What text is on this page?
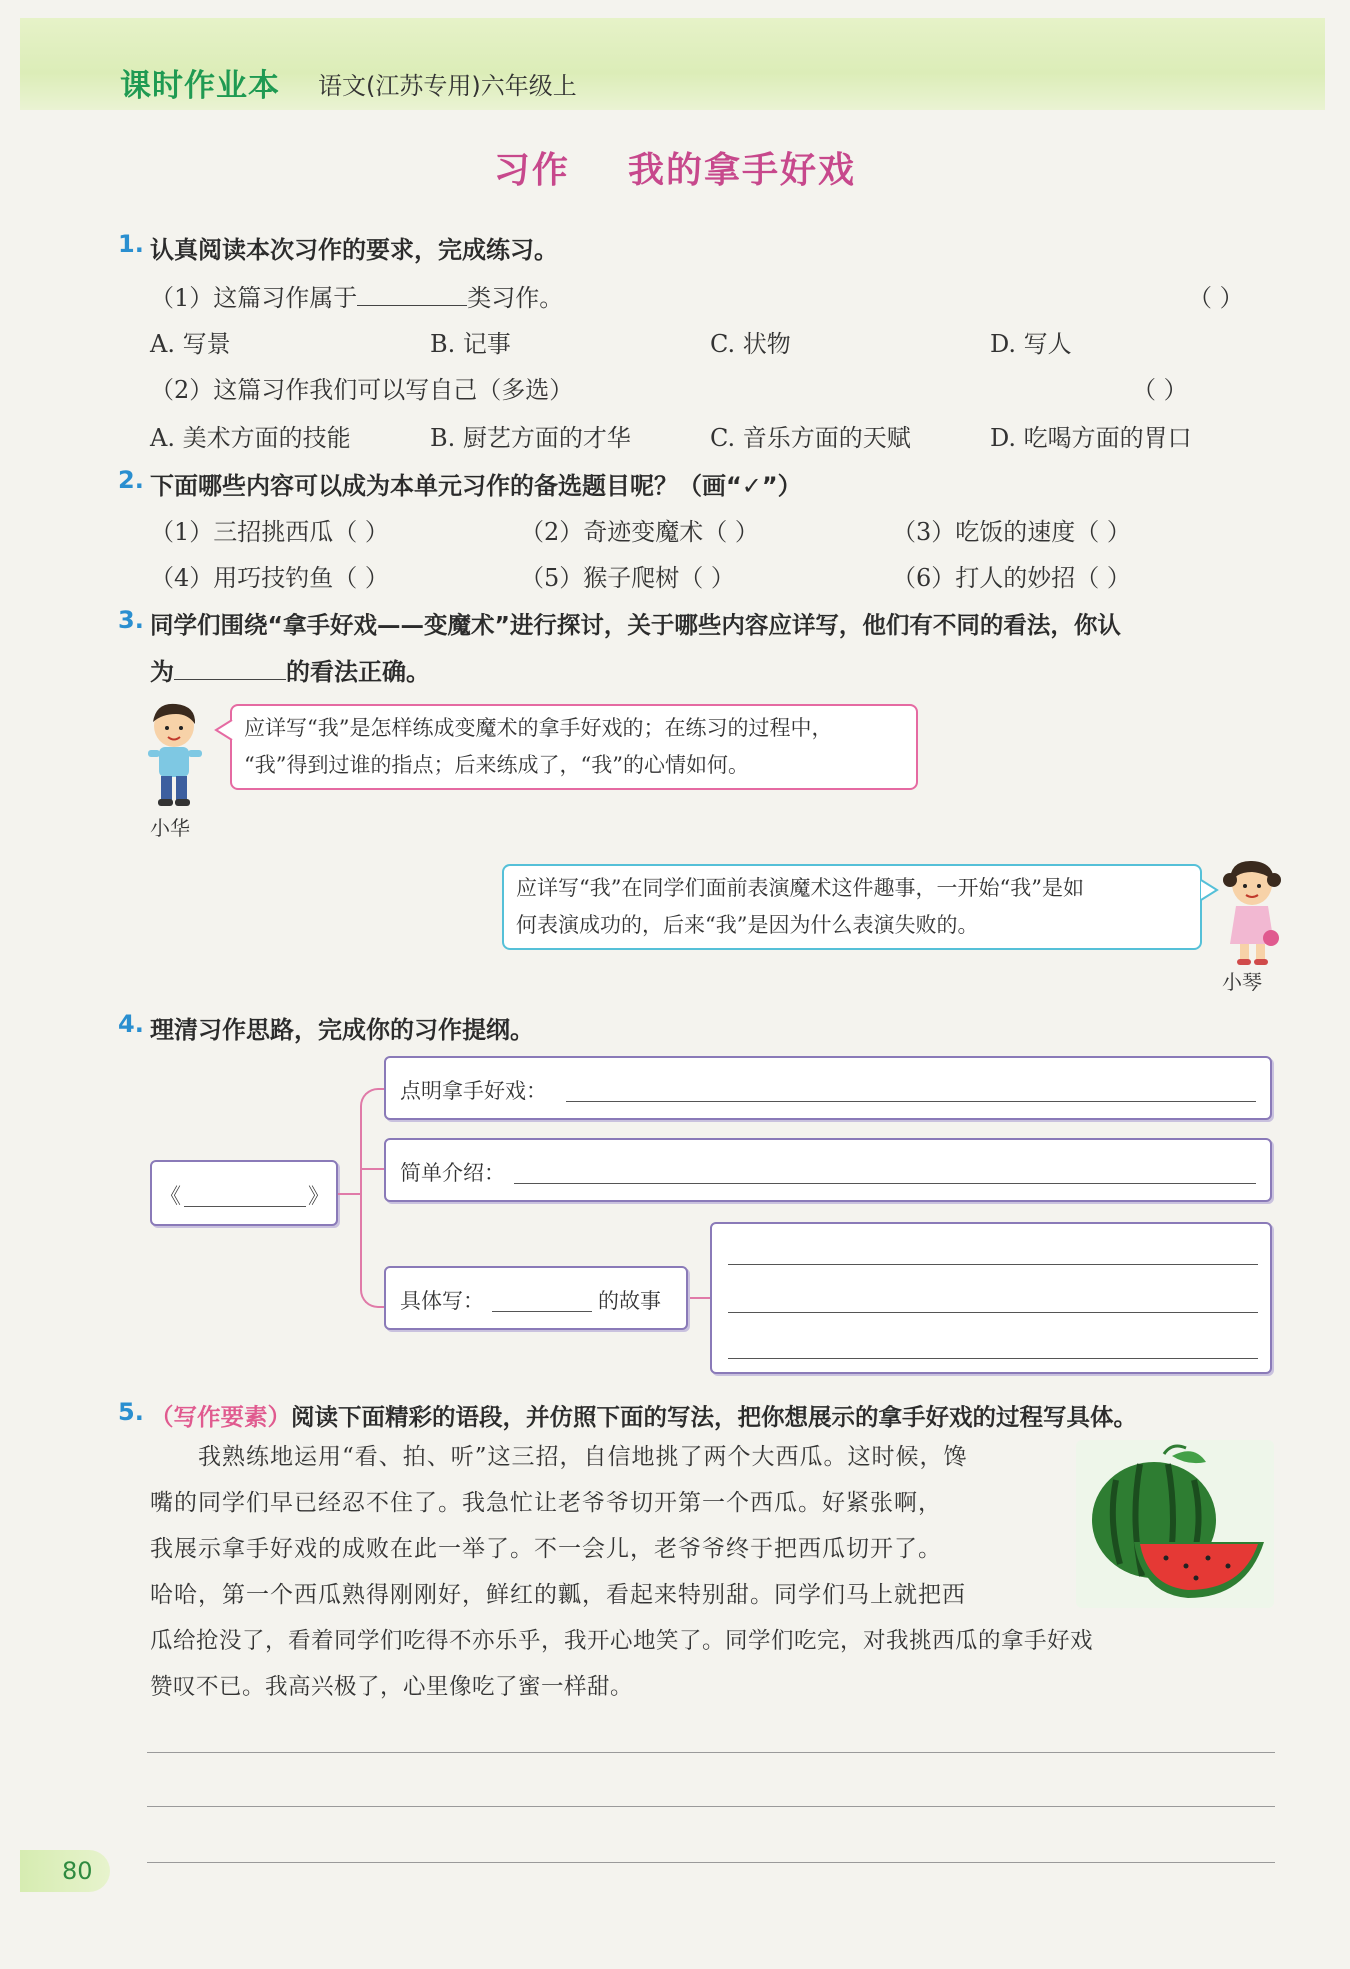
课时作业本 语文(江苏专用)六年级上
习作    我的拿手好戏
1. 认真阅读本次习作的要求，完成练习。
（1）这篇习作属于	类习作。	（ ）
A. 写景	B. 记事	C. 状物	D. 写人
（2）这篇习作我们可以写自己（多选）	（ ）
A. 美术方面的技能	B. 厨艺方面的才华	C. 音乐方面的天赋	D. 吃喝方面的胃口
2. 下面哪些内容可以成为本单元习作的备选题目呢？（画“✓”）
（1）三招挑西瓜（ ）	（2）奇迹变魔术（ ）	（3）吃饭的速度（ ）
（4）用巧技钓鱼（ ）	（5）猴子爬树（ ）	（6）打人的妙招（ ）
3. 同学们围绕“拿手好戏——变魔术”进行探讨，关于哪些内容应详写，他们有不同的看法，你认
为	的看法正确。
小华
应详写“我”是怎样练成变魔术的拿手好戏的；在练习的过程中，
“我”得到过谁的指点；后来练成了，“我”的心情如何。
应详写“我”在同学们面前表演魔术这件趣事，一开始“我”是如
何表演成功的，后来“我”是因为什么表演失败的。
小琴
4. 理清习作思路，完成你的习作提纲。
《	》
点明拿手好戏：
简单介绍：
具体写：	的故事
5. （写作要素）阅读下面精彩的语段，并仿照下面的写法，把你想展示的拿手好戏的过程写具体。
我熟练地运用“看、拍、听”这三招，自信地挑了两个大西瓜。这时候，馋
嘴的同学们早已经忍不住了。我急忙让老爷爷切开第一个西瓜。好紧张啊，
我展示拿手好戏的成败在此一举了。不一会儿，老爷爷终于把西瓜切开了。
哈哈，第一个西瓜熟得刚刚好，鲜红的瓤，看起来特别甜。同学们马上就把西
瓜给抢没了，看着同学们吃得不亦乐乎，我开心地笑了。同学们吃完，对我挑西瓜的拿手好戏
赞叹不已。我高兴极了，心里像吃了蜜一样甜。
80
